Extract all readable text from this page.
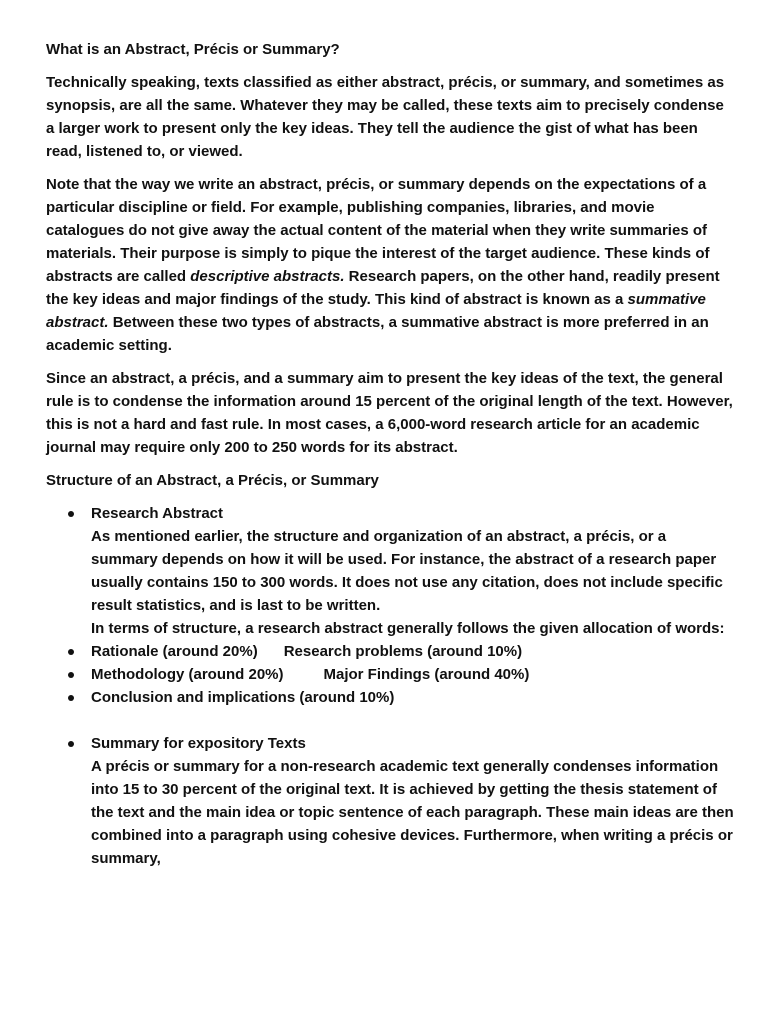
What is an Abstract, Précis or Summary?

Technically speaking, texts classified as either abstract, précis, or summary, and sometimes as synopsis, are all the same. Whatever they may be called, these texts aim to precisely condense a larger work to present only the key ideas. They tell the audience the gist of what has been read, listened to, or viewed.

Note that the way we write an abstract, précis, or summary depends on the expectations of a particular discipline or field. For example, publishing companies, libraries, and movie catalogues do not give away the actual content of the material when they write summaries of materials. Their purpose is simply to pique the interest of the target audience. These kinds of abstracts are called descriptive abstracts. Research papers, on the other hand, readily present the key ideas and major findings of the study. This kind of abstract is known as a summative abstract. Between these two types of abstracts, a summative abstract is more preferred in an academic setting.

Since an abstract, a précis, and a summary aim to present the key ideas of the text, the general rule is to condense the information around 15 percent of the original length of the text. However, this is not a hard and fast rule. In most cases, a 6,000-word research article for an academic journal may require only 200 to 250 words for its abstract.

Structure of an Abstract, a Précis, or Summary
Research Abstract
As mentioned earlier, the structure and organization of an abstract, a précis, or a summary depends on how it will be used. For instance, the abstract of a research paper usually contains 150 to 300 words. It does not use any citation, does not include specific result statistics, and is last to be written.
In terms of structure, a research abstract generally follows the given allocation of words:
Rationale (around 20%) Research problems (around 10%)
Methodology (around 20%)	Major Findings (around 40%)
Conclusion and implications (around 10%)
Summary for expository Texts
A précis or summary for a non-research academic text generally condenses information into 15 to 30 percent of the original text. It is achieved by getting the thesis statement of the text and the main idea or topic sentence of each paragraph. These main ideas are then combined into a paragraph using cohesive devices. Furthermore, when writing a précis or summary,
